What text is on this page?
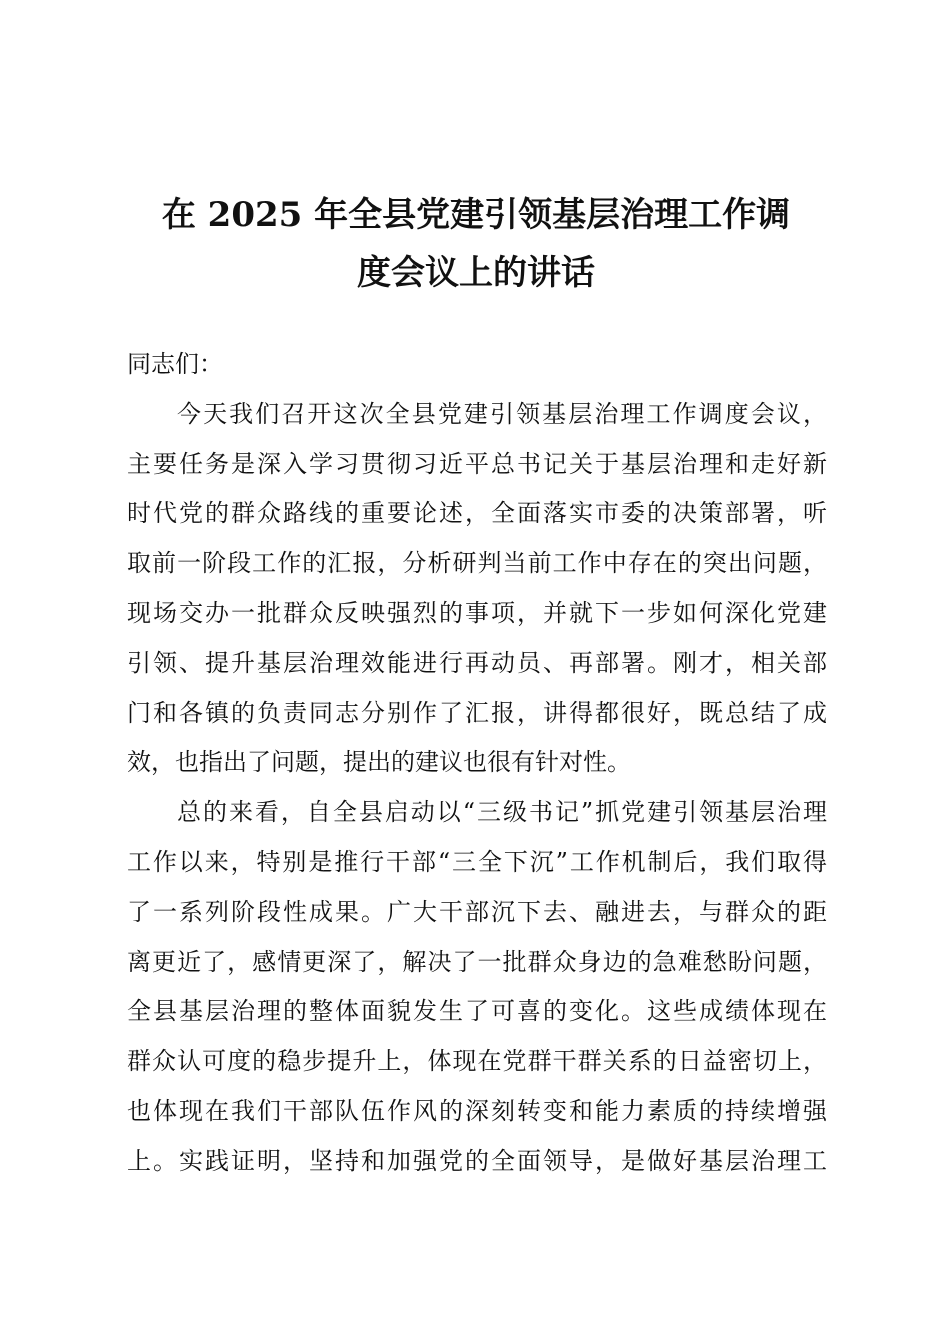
在 2025 年全县党建引领基层治理工作调
度会议上的讲话
同志们：
今天我们召开这次全县党建引领基层治理工作调度会议，
主要任务是深入学习贯彻习近平总书记关于基层治理和走好新
时代党的群众路线的重要论述，全面落实市委的决策部署，听
取前一阶段工作的汇报，分析研判当前工作中存在的突出问题，
现场交办一批群众反映强烈的事项，并就下一步如何深化党建
引领、提升基层治理效能进行再动员、再部署。刚才，相关部
门和各镇的负责同志分别作了汇报，讲得都很好，既总结了成
效，也指出了问题，提出的建议也很有针对性。
总的来看，自全县启动以“三级书记”抓党建引领基层治理
工作以来，特别是推行干部“三全下沉”工作机制后，我们取得
了一系列阶段性成果。广大干部沉下去、融进去，与群众的距
离更近了，感情更深了，解决了一批群众身边的急难愁盼问题，
全县基层治理的整体面貌发生了可喜的变化。这些成绩体现在
群众认可度的稳步提升上，体现在党群干群关系的日益密切上，
也体现在我们干部队伍作风的深刻转变和能力素质的持续增强
上。实践证明，坚持和加强党的全面领导，是做好基层治理工
